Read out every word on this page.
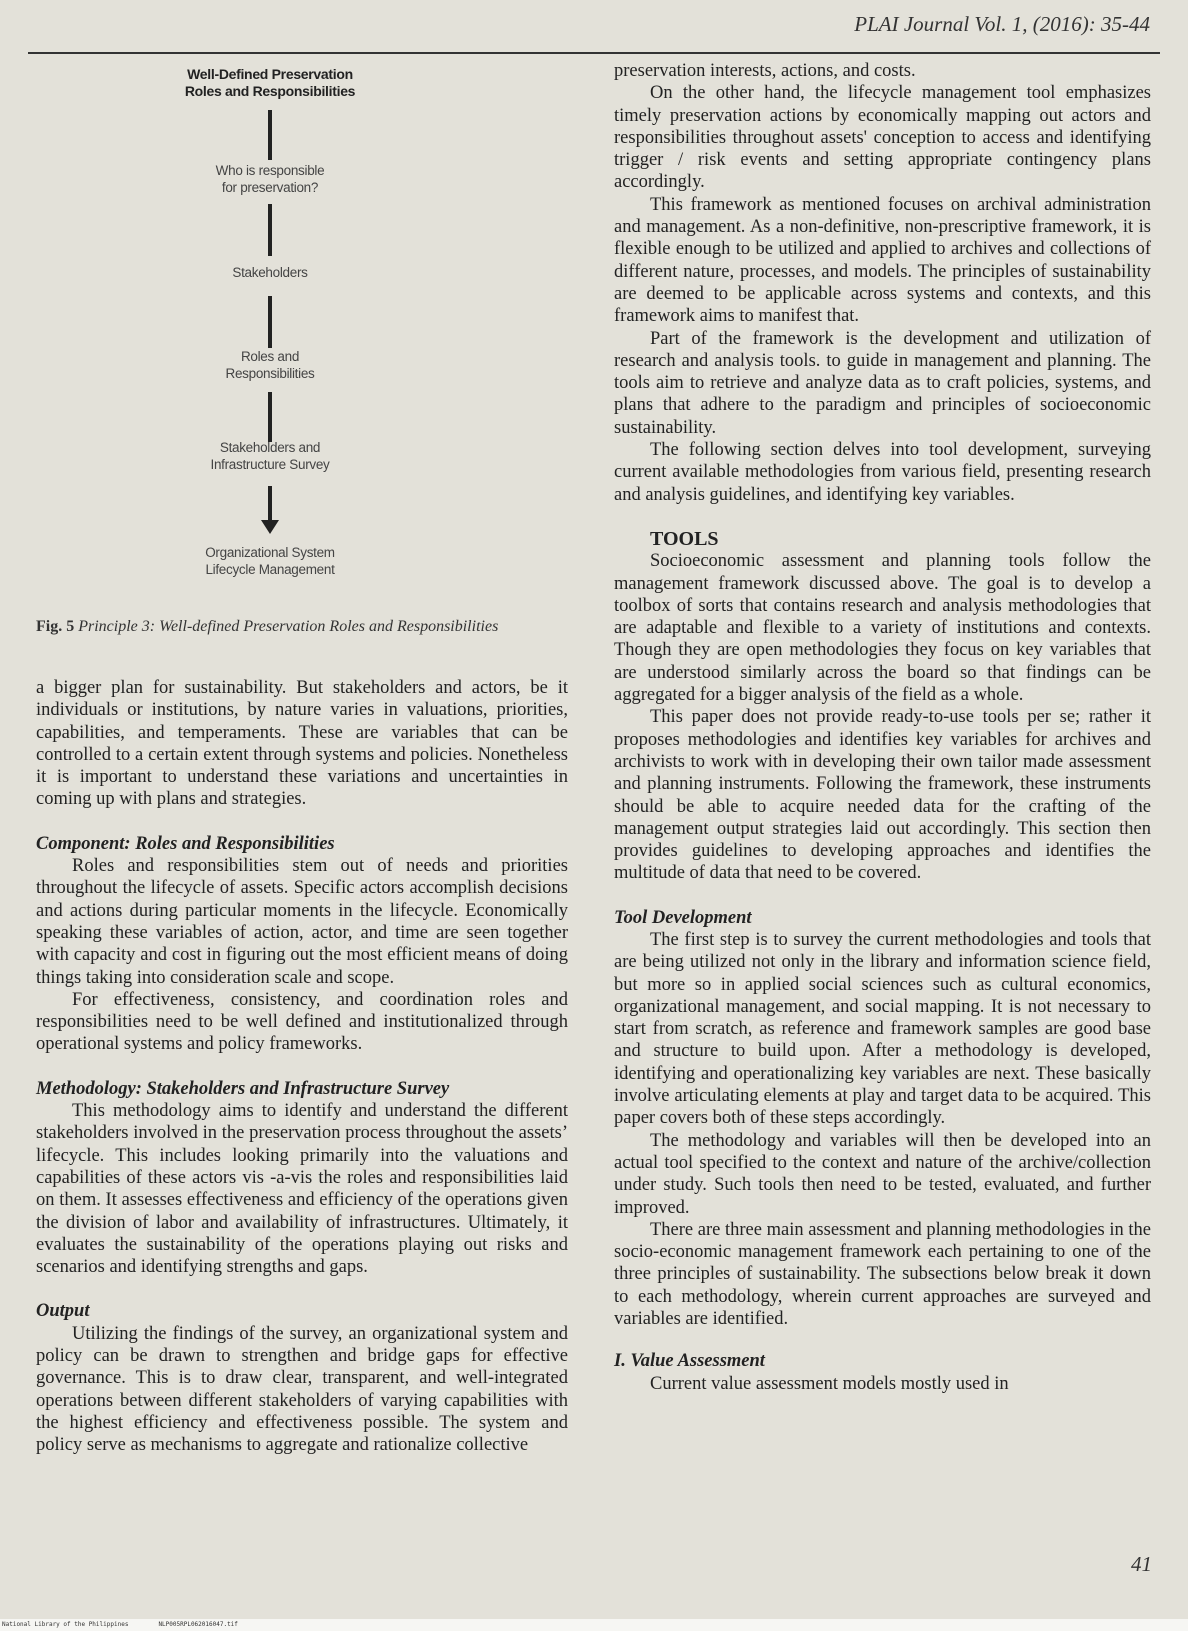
PLAI Journal Vol. 1, (2016): 35-44
Well-Defined Preservation
Roles and Responsibilities
Who is responsible
for preservation?
Stakeholders
Roles and
Responsibilities
Stakeholders and
Infrastructure Survey
Organizational System
Lifecycle Management
Fig. 5 Principle 3: Well-defined Preservation Roles and Responsibilities

a bigger plan for sustainability. But stakeholders and actors, be it individuals or institutions, by nature varies in valuations, priorities, capabilities, and temperaments. These are variables that can be controlled to a certain extent through systems and policies. Nonetheless it is important to understand these variations and uncertainties in coming up with plans and strategies.

Component: Roles and Responsibilities

Roles and responsibilities stem out of needs and priorities throughout the lifecycle of assets. Specific actors accomplish decisions and actions during particular moments in the lifecycle. Economically speaking these variables of action, actor, and time are seen together with capacity and cost in figuring out the most efficient means of doing things taking into consideration scale and scope.

For effectiveness, consistency, and coordination roles and responsibilities need to be well defined and institutionalized through operational systems and policy frameworks.

Methodology: Stakeholders and Infrastructure Survey

This methodology aims to identify and understand the different stakeholders involved in the preservation process throughout the assets’ lifecycle. This includes looking primarily into the valuations and capabilities of these actors vis -a-vis the roles and responsibilities laid on them. It assesses effectiveness and efficiency of the operations given the division of labor and availability of infrastructures. Ultimately, it evaluates the sustainability of the operations playing out risks and scenarios and identifying strengths and gaps.

Output

Utilizing the findings of the survey, an organizational system and policy can be drawn to strengthen and bridge gaps for effective governance. This is to draw clear, transparent, and well-integrated operations between different stakeholders of varying capabilities with the highest efficiency and effectiveness possible. The system and policy serve as mechanisms to aggregate and rationalize collective

preservation interests, actions, and costs.

On the other hand, the lifecycle management tool emphasizes timely preservation actions by economically mapping out actors and responsibilities throughout assets' conception to access and identifying trigger / risk events and setting appropriate contingency plans accordingly.

This framework as mentioned focuses on archival administration and management. As a non-definitive, non-prescriptive framework, it is flexible enough to be utilized and applied to archives and collections of different nature, processes, and models. The principles of sustainability are deemed to be applicable across systems and contexts, and this framework aims to manifest that.

Part of the framework is the development and utilization of research and analysis tools. to guide in management and planning. The tools aim to retrieve and analyze data as to craft policies, systems, and plans that adhere to the paradigm and principles of socioeconomic sustainability.

The following section delves into tool development, surveying current available methodologies from various field, presenting research and analysis guidelines, and identifying key variables.

TOOLS

Socioeconomic assessment and planning tools follow the management framework discussed above. The goal is to develop a toolbox of sorts that contains research and analysis methodologies that are adaptable and flexible to a variety of institutions and contexts. Though they are open methodologies they focus on key variables that are understood similarly across the board so that findings can be aggregated for a bigger analysis of the field as a whole.

This paper does not provide ready-to-use tools per se; rather it proposes methodologies and identifies key variables for archives and archivists to work with in developing their own tailor made assessment and planning instruments. Following the framework, these instruments should be able to acquire needed data for the crafting of the management output strategies laid out accordingly. This section then provides guidelines to developing approaches and identifies the multitude of data that need to be covered.

Tool Development

The first step is to survey the current methodologies and tools that are being utilized not only in the library and information science field, but more so in applied social sciences such as cultural economics, organizational management, and social mapping. It is not necessary to start from scratch, as reference and framework samples are good base and structure to build upon. After a methodology is developed, identifying and operationalizing key variables are next. These basically involve articulating elements at play and target data to be acquired. This paper covers both of these steps accordingly.

The methodology and variables will then be developed into an actual tool specified to the context and nature of the archive/collection under study. Such tools then need to be tested, evaluated, and further improved.

There are three main assessment and planning methodologies in the socio-economic management framework each pertaining to one of the three principles of sustainability. The subsections below break it down to each methodology, wherein current approaches are surveyed and variables are identified.

I. Value Assessment

Current value assessment models mostly used in

41
National Library of the Philippines	NLP005RPL062016047.tif
